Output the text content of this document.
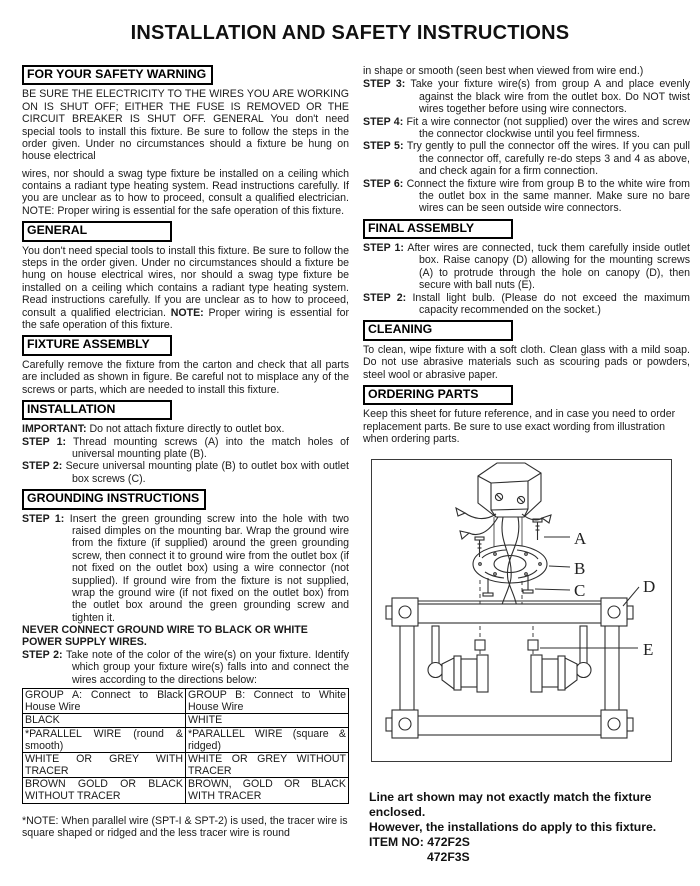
INSTALLATION AND SAFETY INSTRUCTIONS
FOR YOUR SAFETY WARNING

BE SURE THE ELECTRICITY TO THE WIRES YOU ARE WORKING ON IS SHUT OFF; EITHER THE FUSE IS REMOVED OR THE CIRCUIT BREAKER IS SHUT OFF. GENERAL You don't need special tools to install this fixture. Be sure to follow the steps in the order given. Under no circumstances should a fixture be hung on house electrical

wires, nor should a swag type fixture be installed on a ceiling which contains a radiant type heating system. Read instructions carefully. If you are unclear as to how to proceed, consult a qualified electrician. NOTE: Proper wiring is essential for the safe operation of this fixture.

GENERAL

You don't need special tools to install this fixture. Be sure to follow the steps in the order given. Under no circumstances should a fixture be hung on house electrical wires, nor should a swag type fixture be installed on a ceiling which contains a radiant type heating system. Read instructions carefully. If you are unclear as to how to proceed, consult a qualified electrician. NOTE: Proper wiring is essential for the safe operation of this fixture.

FIXTURE ASSEMBLY

Carefully remove the fixture from the carton and check that all parts are included as shown in figure. Be careful not to misplace any of the screws or parts, which are needed to install this fixture.

INSTALLATION

IMPORTANT: Do not attach fixture directly to outlet box.

STEP 1: Thread mounting screws (A) into the match holes of universal mounting plate (B).

STEP 2: Secure universal mounting plate (B) to outlet box with outlet box screws (C).

GROUNDING INSTRUCTIONS

STEP 1: Insert the green grounding screw into the hole with two raised dimples on the mounting bar. Wrap the ground wire from the fixture (if supplied) around the green grounding screw, then connect it to ground wire from the outlet box (if not fixed on the outlet box) using a wire connector (not supplied). If ground wire from the fixture is not supplied, wrap the ground wire (if not fixed on the outlet box) from the outlet box around the green grounding screw and tighten it.

NEVER CONNECT GROUND WIRE TO BLACK OR WHITE POWER SUPPLY WIRES.

STEP 2: Take note of the color of the wire(s) on your fixture. Identify which group your fixture wire(s) falls into and connect the wires according to the directions below:

GROUP A: Connect to Black House Wire	GROUP B: Connect to White House Wire
BLACK	WHITE
*PARALLEL WIRE (round & smooth)	*PARALLEL WIRE (square & ridged)
WHITE OR GREY WITH TRACER	WHITE OR GREY WITHOUT TRACER
BROWN GOLD OR BLACK WITHOUT TRACER	BROWN, GOLD OR BLACK WITH TRACER

*NOTE: When parallel wire (SPT-I & SPT-2) is used, the tracer wire is square shaped or ridged and the less tracer wire is round

in shape or smooth (seen best when viewed from wire end.)

STEP 3: Take your fixture wire(s) from group A and place evenly against the black wire from the outlet box. Do NOT twist wires together before using wire connectors.

STEP 4: Fit a wire connector (not supplied) over the wires and screw the connector clockwise until you feel firmness.

STEP 5: Try gently to pull the connector off the wires. If you can pull the connector off, carefully re-do steps 3 and 4 as above, and check again for a firm connection.

STEP 6: Connect the fixture wire from group B to the white wire from the outlet box in the same manner. Make sure no bare wires can be seen outside wire connectors.

FINAL ASSEMBLY

STEP 1: After wires are connected, tuck them carefully inside outlet box. Raise canopy (D) allowing for the mounting screws (A) to protrude through the hole on canopy (D), then secure with ball nuts (E).

STEP 2: Install light bulb. (Please do not exceed the maximum capacity recommended on the socket.)

CLEANING

To clean, wipe fixture with a soft cloth. Clean glass with a mild soap. Do not use abrasive materials such as scouring pads or powders, steel wool or abrasive paper.

ORDERING PARTS

Keep this sheet for future reference, and in case you need to order replacement parts. Be sure to use exact wording from illustration when ordering parts.

A
B
C	D
E
Line art shown may not exactly match the fixture enclosed.
However, the installations do apply to this fixture.
ITEM NO: 472F2S
472F3S
